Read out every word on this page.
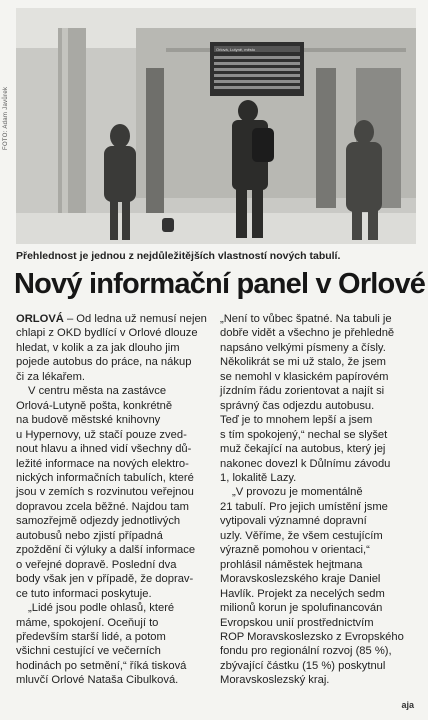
Orlová, Lutyně, město
FOTO: Adam Javůrek
Přehlednost je jednou z nejdůležitějších vlastností nových tabulí.
Nový informační panel v Orlové

ORLOVÁ – Od ledna už nemusí nejen
chlapi z OKD bydlící v Orlové dlouze
hledat, v kolik a za jak dlouho jim
pojede autobus do práce, na nákup
či za lékařem.

V centru města na zastávce
Orlová-Lutyně pošta, konkrétně
na budově městské knihovny
u Hypernovy, už stačí pouze zved-
nout hlavu a ihned vidí všechny dů-
ležité informace na nových elektro-
nických informačních tabulích, které
jsou v zemích s rozvinutou veřejnou
dopravou zcela běžné. Najdou tam
samozřejmě odjezdy jednotlivých
autobusů nebo zjistí případná
zpoždění či výluky a další informace
o veřejné dopravě. Poslední dva
body však jen v případě, že doprav-
ce tuto informaci poskytuje.

„Lidé jsou podle ohlasů, které
máme, spokojení. Oceňují to
především starší lidé, a potom
všichni cestující ve večerních
hodinách po setmění,“ říká tisková
mluvčí Orlové Nataša Cibulková.

„Není to vůbec špatné. Na tabuli je
dobře vidět a všechno je přehledně
napsáno velkými písmeny a čísly.
Několikrát se mi už stalo, že jsem
se nemohl v klasickém papírovém
jízdním řádu zorientovat a najít si
správný čas odjezdu autobusu.
Teď je to mnohem lepší a jsem
s tím spokojený,“ nechal se slyšet
muž čekající na autobus, který jej
nakonec dovezl k Důlnímu závodu
1, lokalitě Lazy.

„V provozu je momentálně
21 tabulí. Pro jejich umístění jsme
vytipovali významné dopravní
uzly. Věříme, že všem cestujícím
výrazně pomohou v orientaci,“
prohlásil náměstek hejtmana
Moravskoslezského kraje Daniel
Havlík. Projekt za necelých sedm
milionů korun je spolufinancován
Evropskou unií prostřednictvím
ROP Moravskoslezsko z Evropského
fondu pro regionální rozvoj (85 %),
zbývající částku (15 %) poskytnul
Moravskoslezský kraj.

aja
